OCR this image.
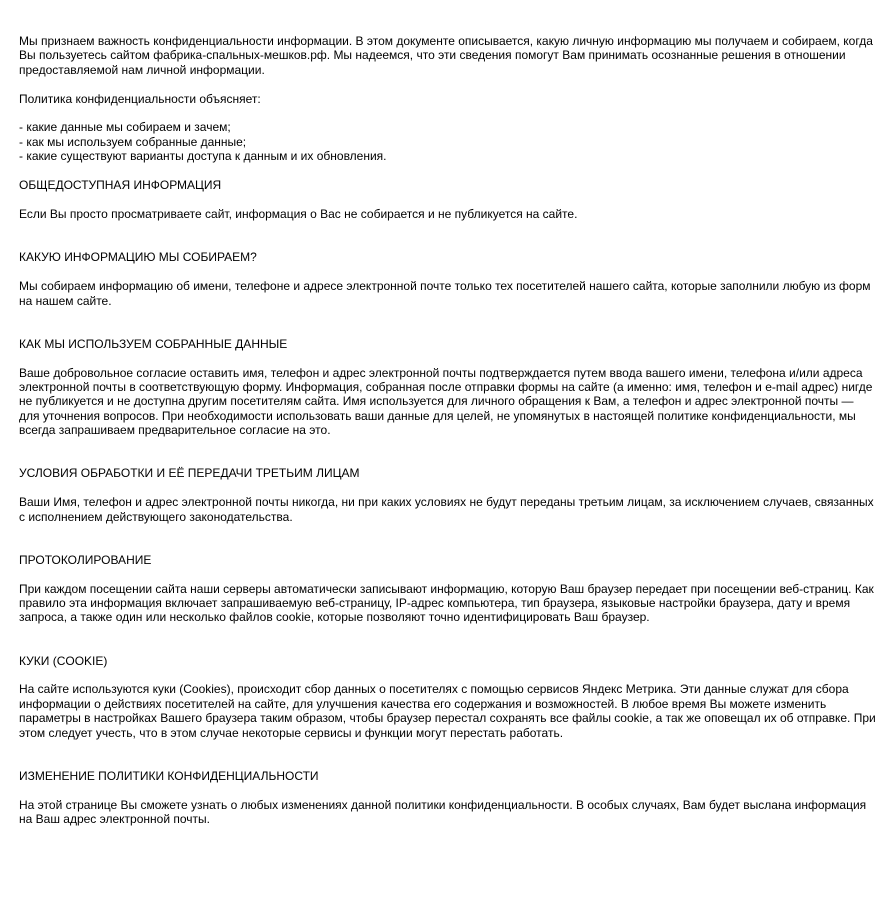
Мы признаем важность конфиденциальности информации. В этом документе описывается, какую личную информацию мы получаем и собираем, когда Вы пользуетесь сайтом фабрика-спальных-мешков.рф. Мы надеемся, что эти сведения помогут Вам принимать осознанные решения в отношении предоставляемой нам личной информации.

Политика конфиденциальности объясняет:

- какие данные мы собираем и зачем;

- как мы используем собранные данные;

- какие существуют варианты доступа к данным и их обновления.

ОБЩЕДОСТУПНАЯ ИНФОРМАЦИЯ

Если Вы просто просматриваете сайт, информация о Вас не собирается и не публикуется на сайте.

КАКУЮ ИНФОРМАЦИЮ МЫ СОБИРАЕМ?

Мы собираем информацию об имени, телефоне и адресе электронной почте только тех посетителей нашего сайта, которые заполнили любую из форм на нашем сайте.

КАК МЫ ИСПОЛЬЗУЕМ СОБРАННЫЕ ДАННЫЕ

Ваше добровольное согласие оставить имя, телефон и адрес электронной почты подтверждается путем ввода вашего имени, телефона и/или адреса электронной почты в соответствующую форму. Информация, собранная после отправки формы на сайте (а именно: имя, телефон и e-mail адрес) нигде не публикуется и не доступна другим посетителям сайта. Имя используется для личного обращения к Вам, а телефон и адрес электронной почты — для уточнения вопросов. При необходимости использовать ваши данные для целей, не упомянутых в настоящей политике конфиденциальности, мы всегда запрашиваем предварительное согласие на это.

УСЛОВИЯ ОБРАБОТКИ И ЕЁ ПЕРЕДАЧИ ТРЕТЬИМ ЛИЦАМ

Ваши Имя, телефон и адрес электронной почты никогда, ни при каких условиях не будут переданы третьим лицам, за исключением случаев, связанных с исполнением действующего законодательства.

ПРОТОКОЛИРОВАНИЕ

При каждом посещении сайта наши серверы автоматически записывают информацию, которую Ваш браузер передает при посещении веб-страниц. Как правило эта информация включает запрашиваемую веб-страницу, IP-адрес компьютера, тип браузера, языковые настройки браузера, дату и время запроса, а также один или несколько файлов cookie, которые позволяют точно идентифицировать Ваш браузер.

КУКИ (COOKIE)

На сайте используются куки (Cookies), происходит сбор данных о посетителях с помощью сервисов Яндекс Метрика. Эти данные служат для сбора информации о действиях посетителей на сайте, для улучшения качества его содержания и возможностей. В любое время Вы можете изменить параметры в настройках Вашего браузера таким образом, чтобы браузер перестал сохранять все файлы cookie, а так же оповещал их об отправке. При этом следует учесть, что в этом случае некоторые сервисы и функции могут перестать работать.

ИЗМЕНЕНИЕ ПОЛИТИКИ КОНФИДЕНЦИАЛЬНОСТИ

На этой странице Вы сможете узнать о любых изменениях данной политики конфиденциальности. В особых случаях, Вам будет выслана информация на Ваш адрес электронной почты.
